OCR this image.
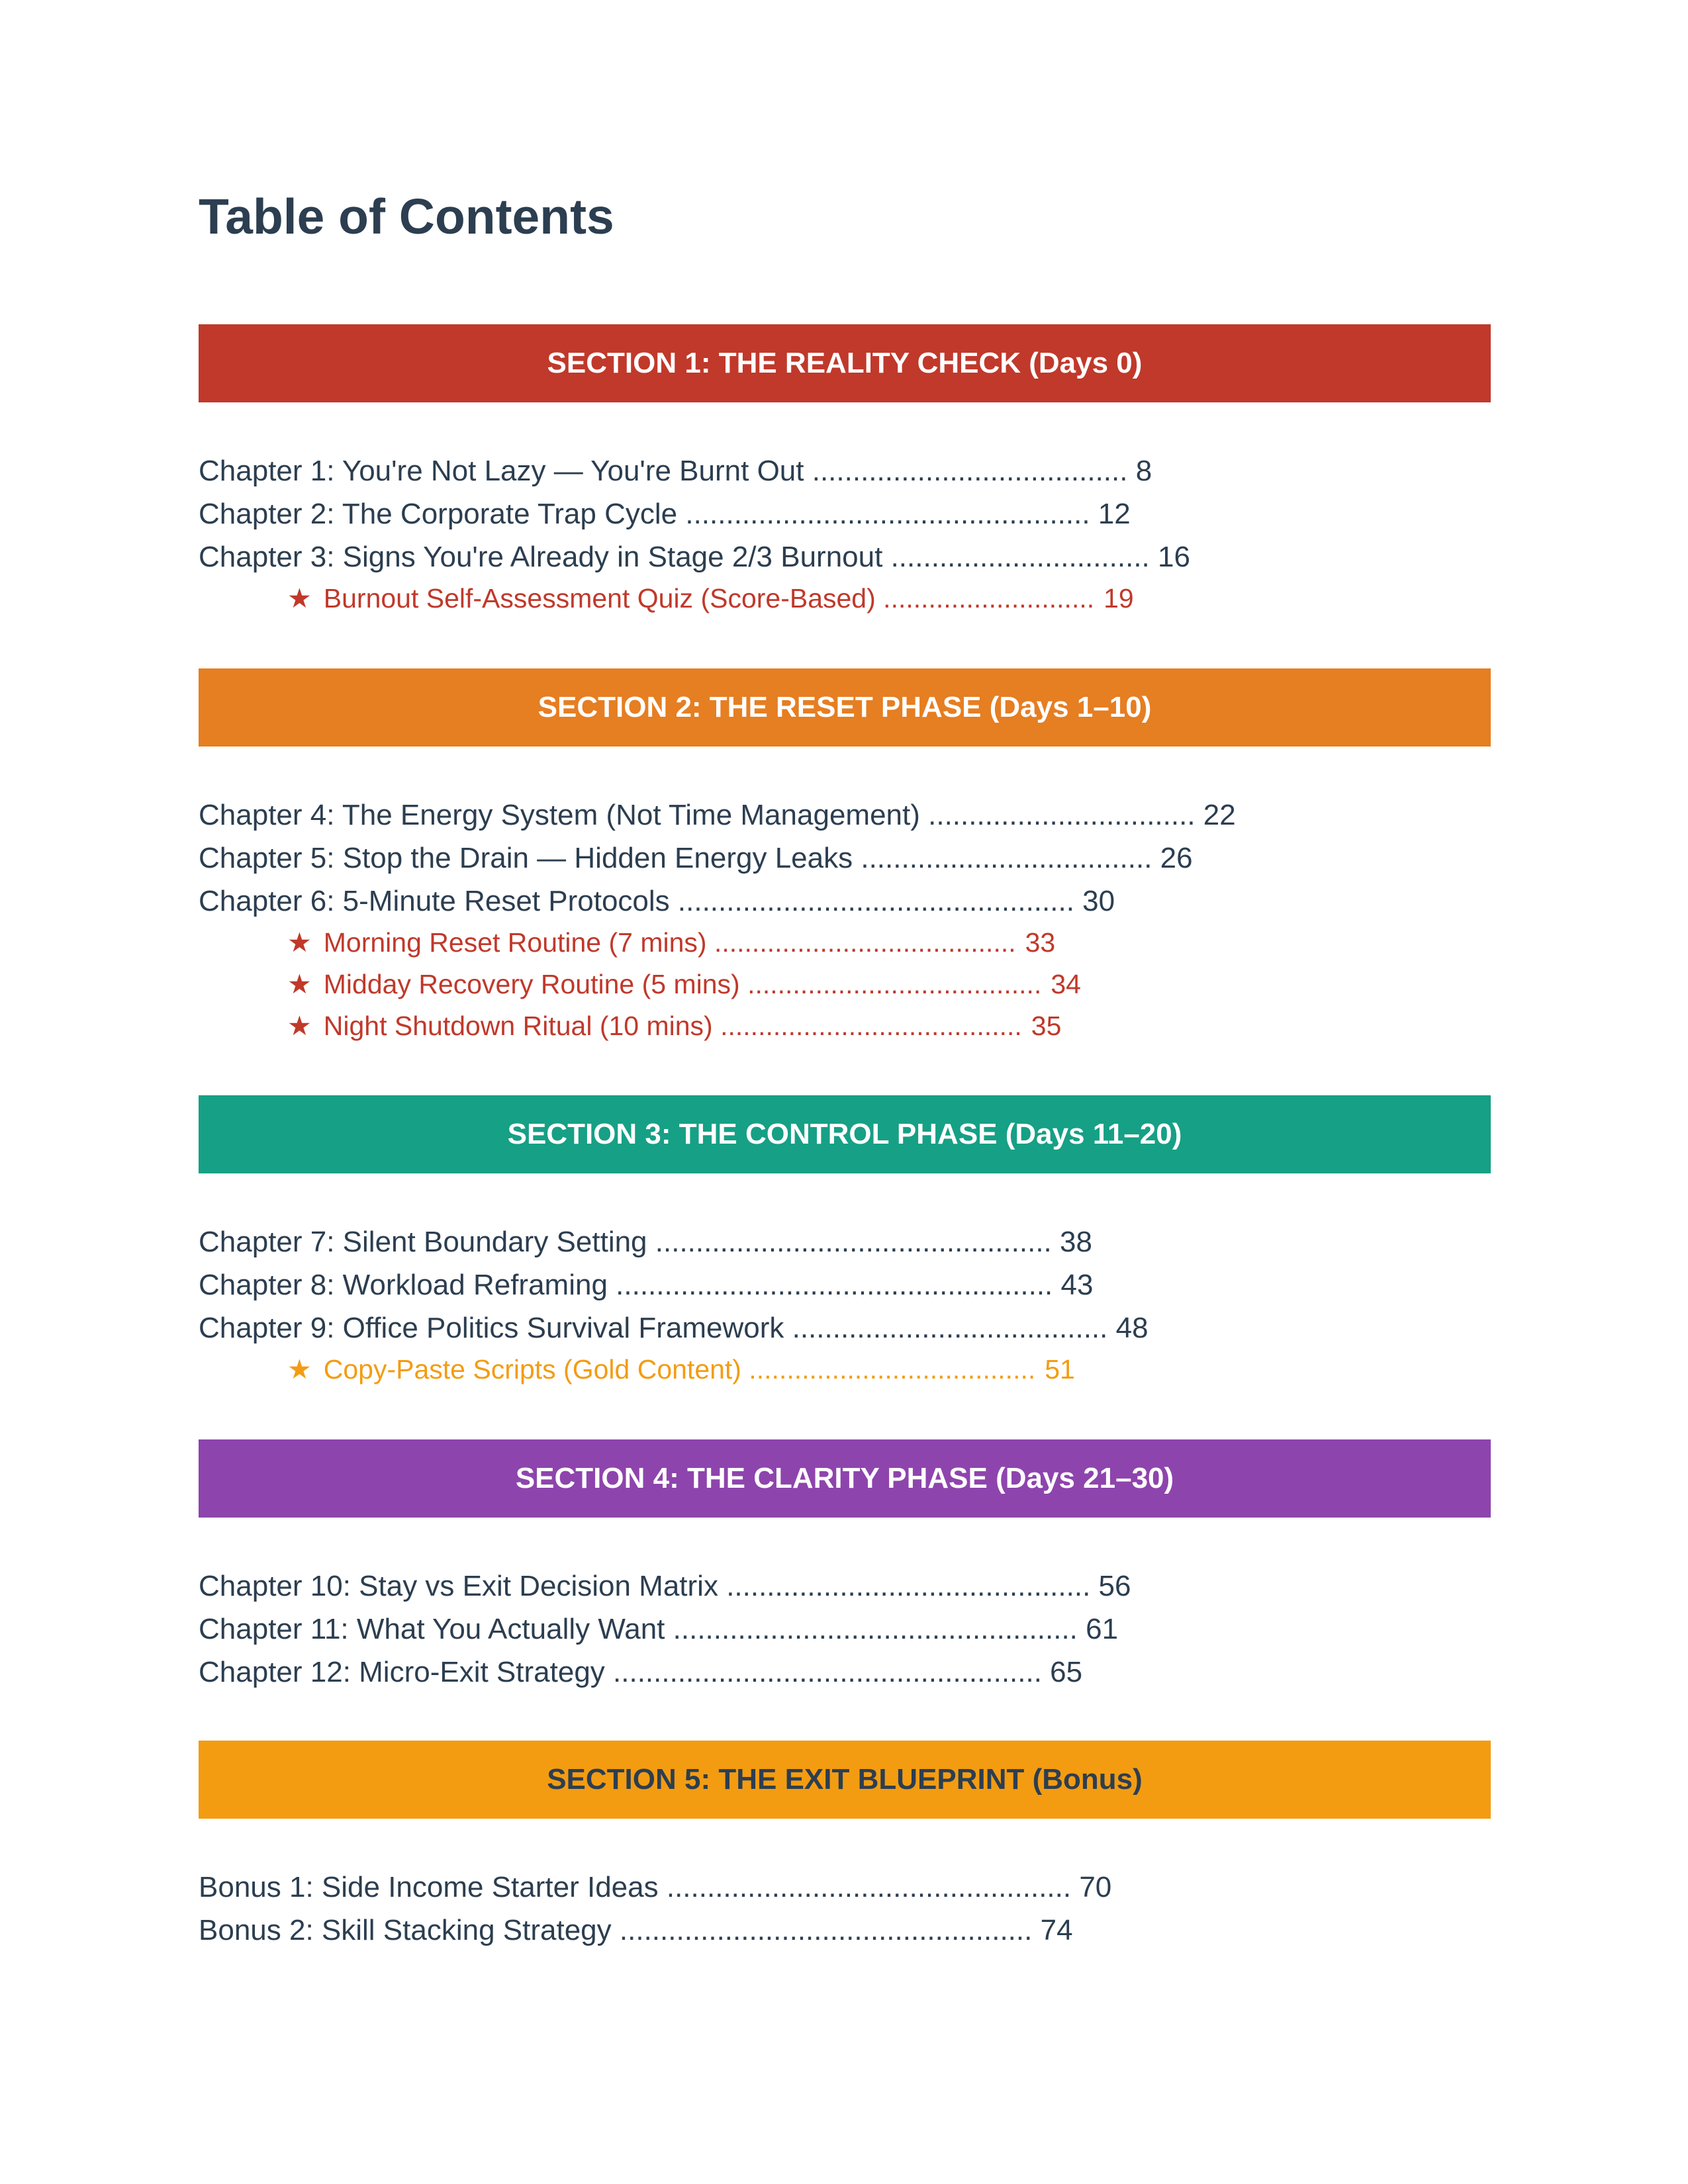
Table of Contents
SECTION 1: THE REALITY CHECK (Days 0)
Chapter 1: You're Not Lazy — You're Burnt Out ....................................... 8
Chapter 2: The Corporate Trap Cycle .................................................. 12
Chapter 3: Signs You're Already in Stage 2/3 Burnout ................................ 16
★ Burnout Self-Assessment Quiz (Score-Based) ............................ 19
SECTION 2: THE RESET PHASE (Days 1–10)
Chapter 4: The Energy System (Not Time Management) ................................. 22
Chapter 5: Stop the Drain — Hidden Energy Leaks .................................... 26
Chapter 6: 5-Minute Reset Protocols ................................................. 30
★ Morning Reset Routine (7 mins) ........................................ 33
★ Midday Recovery Routine (5 mins) ....................................... 34
★ Night Shutdown Ritual (10 mins) ........................................ 35
SECTION 3: THE CONTROL PHASE (Days 11–20)
Chapter 7: Silent Boundary Setting ................................................. 38
Chapter 8: Workload Reframing ...................................................... 43
Chapter 9: Office Politics Survival Framework ....................................... 48
★ Copy-Paste Scripts (Gold Content) ...................................... 51
SECTION 4: THE CLARITY PHASE (Days 21–30)
Chapter 10: Stay vs Exit Decision Matrix ............................................. 56
Chapter 11: What You Actually Want .................................................. 61
Chapter 12: Micro-Exit Strategy ..................................................... 65
SECTION 5: THE EXIT BLUEPRINT (Bonus)
Bonus 1: Side Income Starter Ideas .................................................. 70
Bonus 2: Skill Stacking Strategy ................................................... 74
